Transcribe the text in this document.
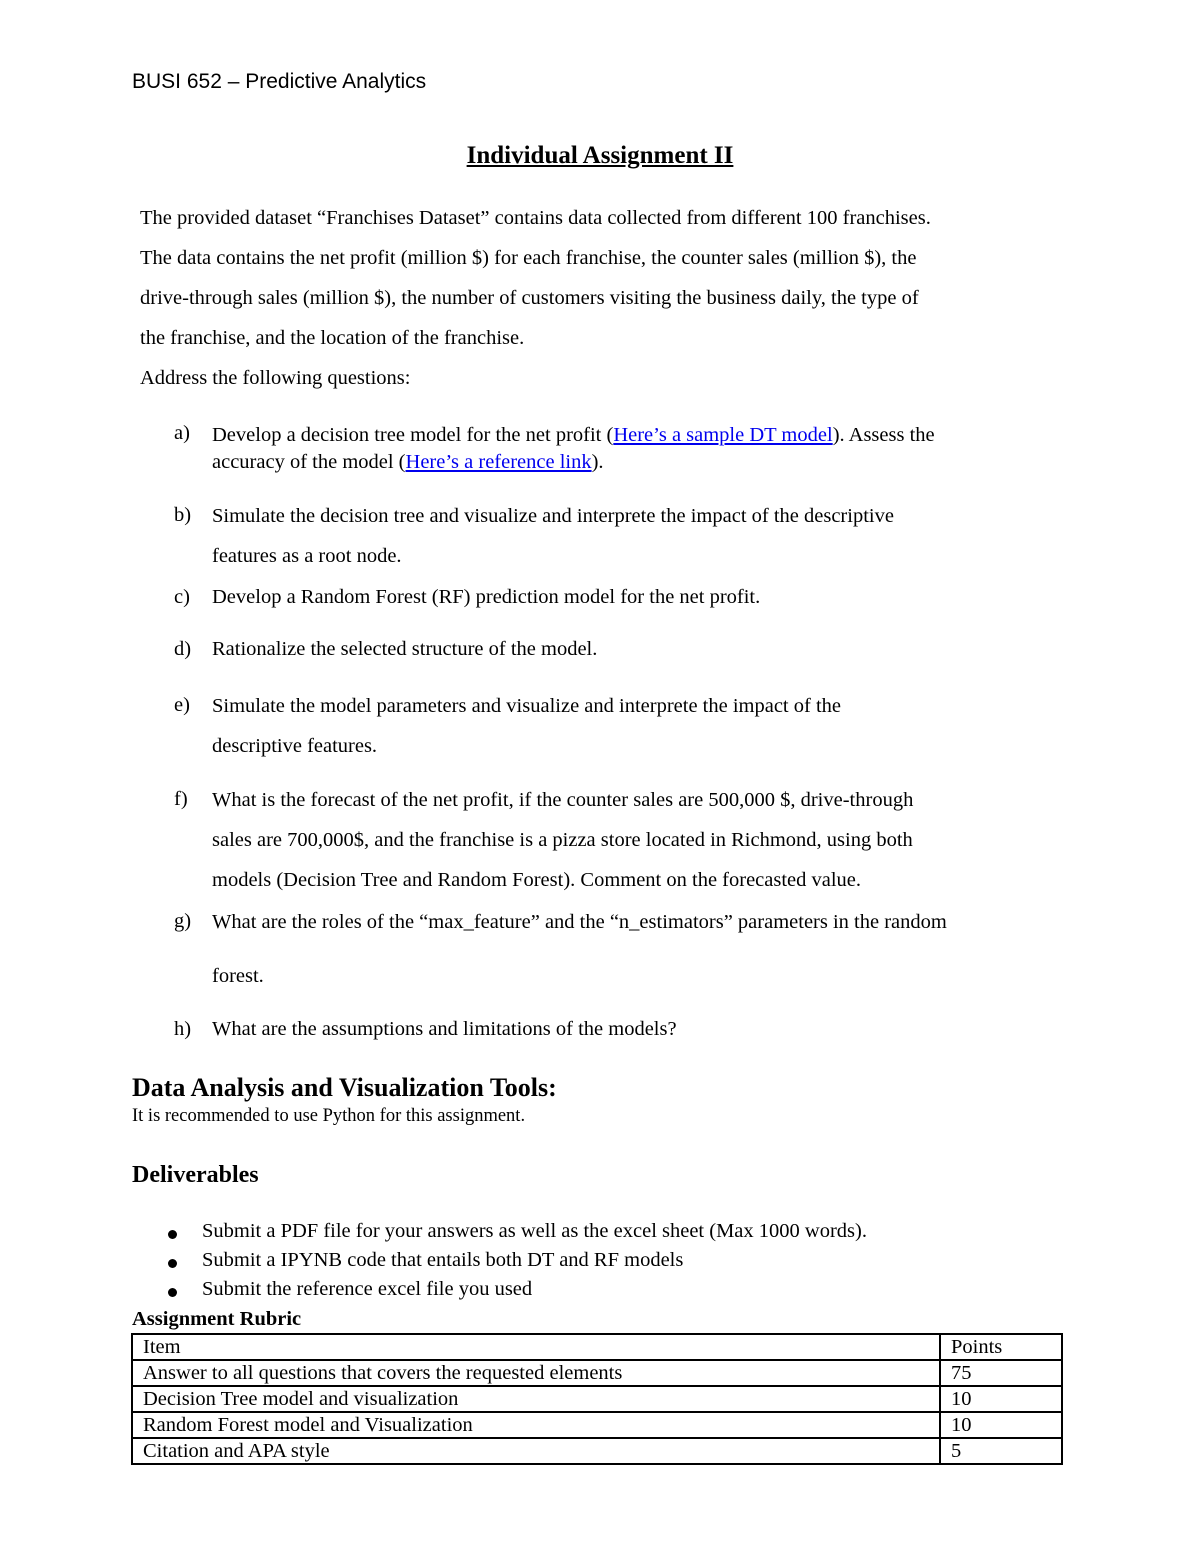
BUSI 652 – Predictive Analytics
Individual Assignment II

The provided dataset “Franchises Dataset” contains data collected from different 100 franchises.

The data contains the net profit (million $) for each franchise, the counter sales (million $), the

drive-through sales (million $), the number of customers visiting the business daily, the type of

the franchise, and the location of the franchise.

Address the following questions:

a) Develop a decision tree model for the net profit (Here’s a sample DT model). Assess the

accuracy of the model (Here’s a reference link).

b) Simulate the decision tree and visualize and interprete the impact of the descriptive

features as a root node.

c) Develop a Random Forest (RF) prediction model for the net profit.

d) Rationalize the selected structure of the model.

e) Simulate the model parameters and visualize and interprete the impact of the

descriptive features.

f) What is the forecast of the net profit, if the counter sales are 500,000 $, drive-through

sales are 700,000$, and the franchise is a pizza store located in Richmond, using both

models (Decision Tree and Random Forest). Comment on the forecasted value.

g) What are the roles of the “max_feature” and the “n_estimators” parameters in the random

forest.

h) What are the assumptions and limitations of the models?

Data Analysis and Visualization Tools:
It is recommended to use Python for this assignment.
Deliverables
Submit a PDF file for your answers as well as the excel sheet (Max 1000 words).
Submit a IPYNB code that entails both DT and RF models
Submit the reference excel file you used
Assignment Rubric
Item	Points
Answer to all questions that covers the requested elements	75
Decision Tree model and visualization	10
Random Forest model and Visualization	10
Citation and APA style	5
